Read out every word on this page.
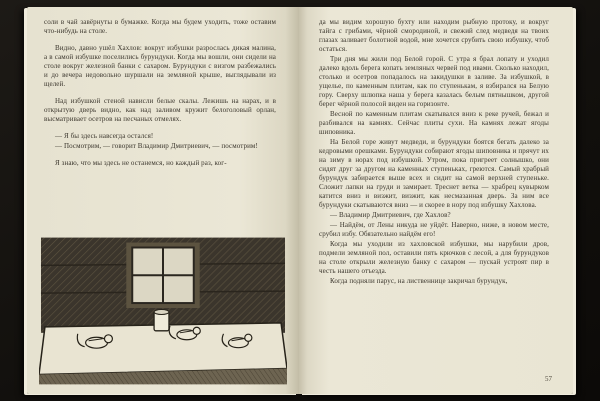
соли в чай завёрнуты в бумажке. Когда мы будем уходить, тоже оставим что-нибудь на столе.

Видно, давно ушёл Хахлов: вокруг избушки разрослась дикая малина, а в самой избушке поселились бурундуки. Когда мы вошли, они сидели на столе вокруг железной банки с сахаром. Бурундуки с визгом разбежались и до вечера недовольно шуршали на земляной крыше, выглядывали из щелей.

Над избушкой стеной нависли белые скалы. Лежишь на нарах, и в открытую дверь видно, как над заливом кружит белоголовый орлан, высматривает осетров на песчаных отмелях.

— Я бы здесь навсегда остался!

— Посмотрим, — говорит Владимир Дмитриевич, — посмотрим!

Я знаю, что мы здесь не останемся, но каждый раз, ког-

да мы видим хорошую бухту или находим рыбную протоку, и вокруг тайга с грибами, чёрной смородиной, и свежий след медведя на твоих глазах заливает болотной водой, мне хочется срубить свою избушку, чтоб остаться.

Три дня мы жили под Белой горой. С утра я брал лопату и уходил далеко вдоль берега копать земляных червей под ивами. Сколько находил, столько и осетров попадалось на закидушки в заливе. За избушкой, в ущелье, по каменным плитам, как по ступенькам, я взбирался на Белую гору. Сверху шлюпка наша у берега казалась белым пятнышком, другой берег чёрной полосой виден на горизонте.

Весной по каменным плитам скатывался вниз к реке ручей, бежал и разбивался на камнях. Сейчас плиты сухи. На камнях лежат ягоды шиповника.

На Белой горе живут медведи, и бурундуки боятся бегать далеко за кедровыми орешками. Бурундуки собирают ягоды шиповника и прячут их на зиму в норах под избушкой. Утром, пока пригреет солнышко, они сидят друг за другом на каменных ступеньках, греются. Самый храбрый бурундук забирается выше всех и сидит на самой верхней ступеньке. Сложит лапки на груди и замирает. Треснет ветка — храбрец кувырком катится вниз и визжит, визжит, как несмазанная дверь. За ним все бурундуки скатываются вниз — и скорее в нору под избушку Хахлова.

— Владимир Дмитриевич, где Хахлов?

— Найдём, от Лены никуда не уйдёт. Наверно, ниже, в новом месте, срубил избу. Обязательно найдём его!

Когда мы уходили из хахловской избушки, мы нарубили дров, подмели земляной пол, оставили пять крючков с лесой, а для бурундуков на столе открыли железную банку с сахаром — пускай устроят пир в честь нашего отъезда.

Когда подняли парус, на лиственнице закричал бурундук,

57
